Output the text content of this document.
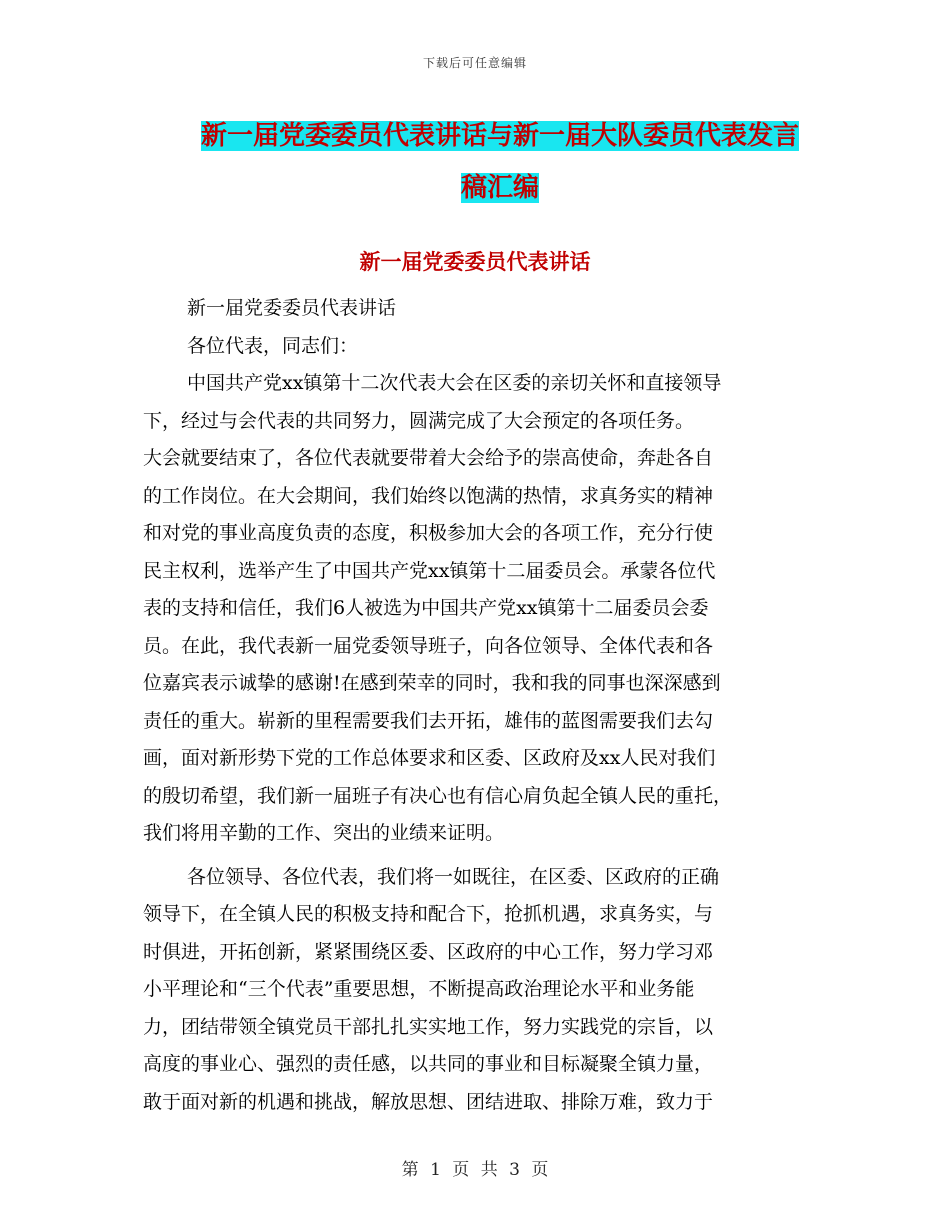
下载后可任意编辑
新一届党委委员代表讲话与新一届大队委员代表发言
稿汇编
新一届党委委员代表讲话
新一届党委委员代表讲话
各位代表，同志们：
中国共产党xx镇第十二次代表大会在区委的亲切关怀和直接领导
下，经过与会代表的共同努力，圆满完成了大会预定的各项任务。
大会就要结束了，各位代表就要带着大会给予的崇高使命，奔赴各自
的工作岗位。在大会期间，我们始终以饱满的热情，求真务实的精神
和对党的事业高度负责的态度，积极参加大会的各项工作，充分行使
民主权利，选举产生了中国共产党xx镇第十二届委员会。承蒙各位代
表的支持和信任，我们6人被选为中国共产党xx镇第十二届委员会委
员。在此，我代表新一届党委领导班子，向各位领导、全体代表和各
位嘉宾表示诚挚的感谢!在感到荣幸的同时，我和我的同事也深深感到
责任的重大。崭新的里程需要我们去开拓，雄伟的蓝图需要我们去勾
画，面对新形势下党的工作总体要求和区委、区政府及xx人民对我们
的殷切希望，我们新一届班子有决心也有信心肩负起全镇人民的重托，
我们将用辛勤的工作、突出的业绩来证明。
各位领导、各位代表，我们将一如既往，在区委、区政府的正确
领导下，在全镇人民的积极支持和配合下，抢抓机遇，求真务实，与
时俱进，开拓创新，紧紧围绕区委、区政府的中心工作，努力学习邓
小平理论和“三个代表”重要思想，不断提高政治理论水平和业务能
力，团结带领全镇党员干部扎扎实实地工作，努力实践党的宗旨，以
高度的事业心、强烈的责任感，以共同的事业和目标凝聚全镇力量，
敢于面对新的机遇和挑战，解放思想、团结进取、排除万难，致力于
第 1 页 共 3 页
